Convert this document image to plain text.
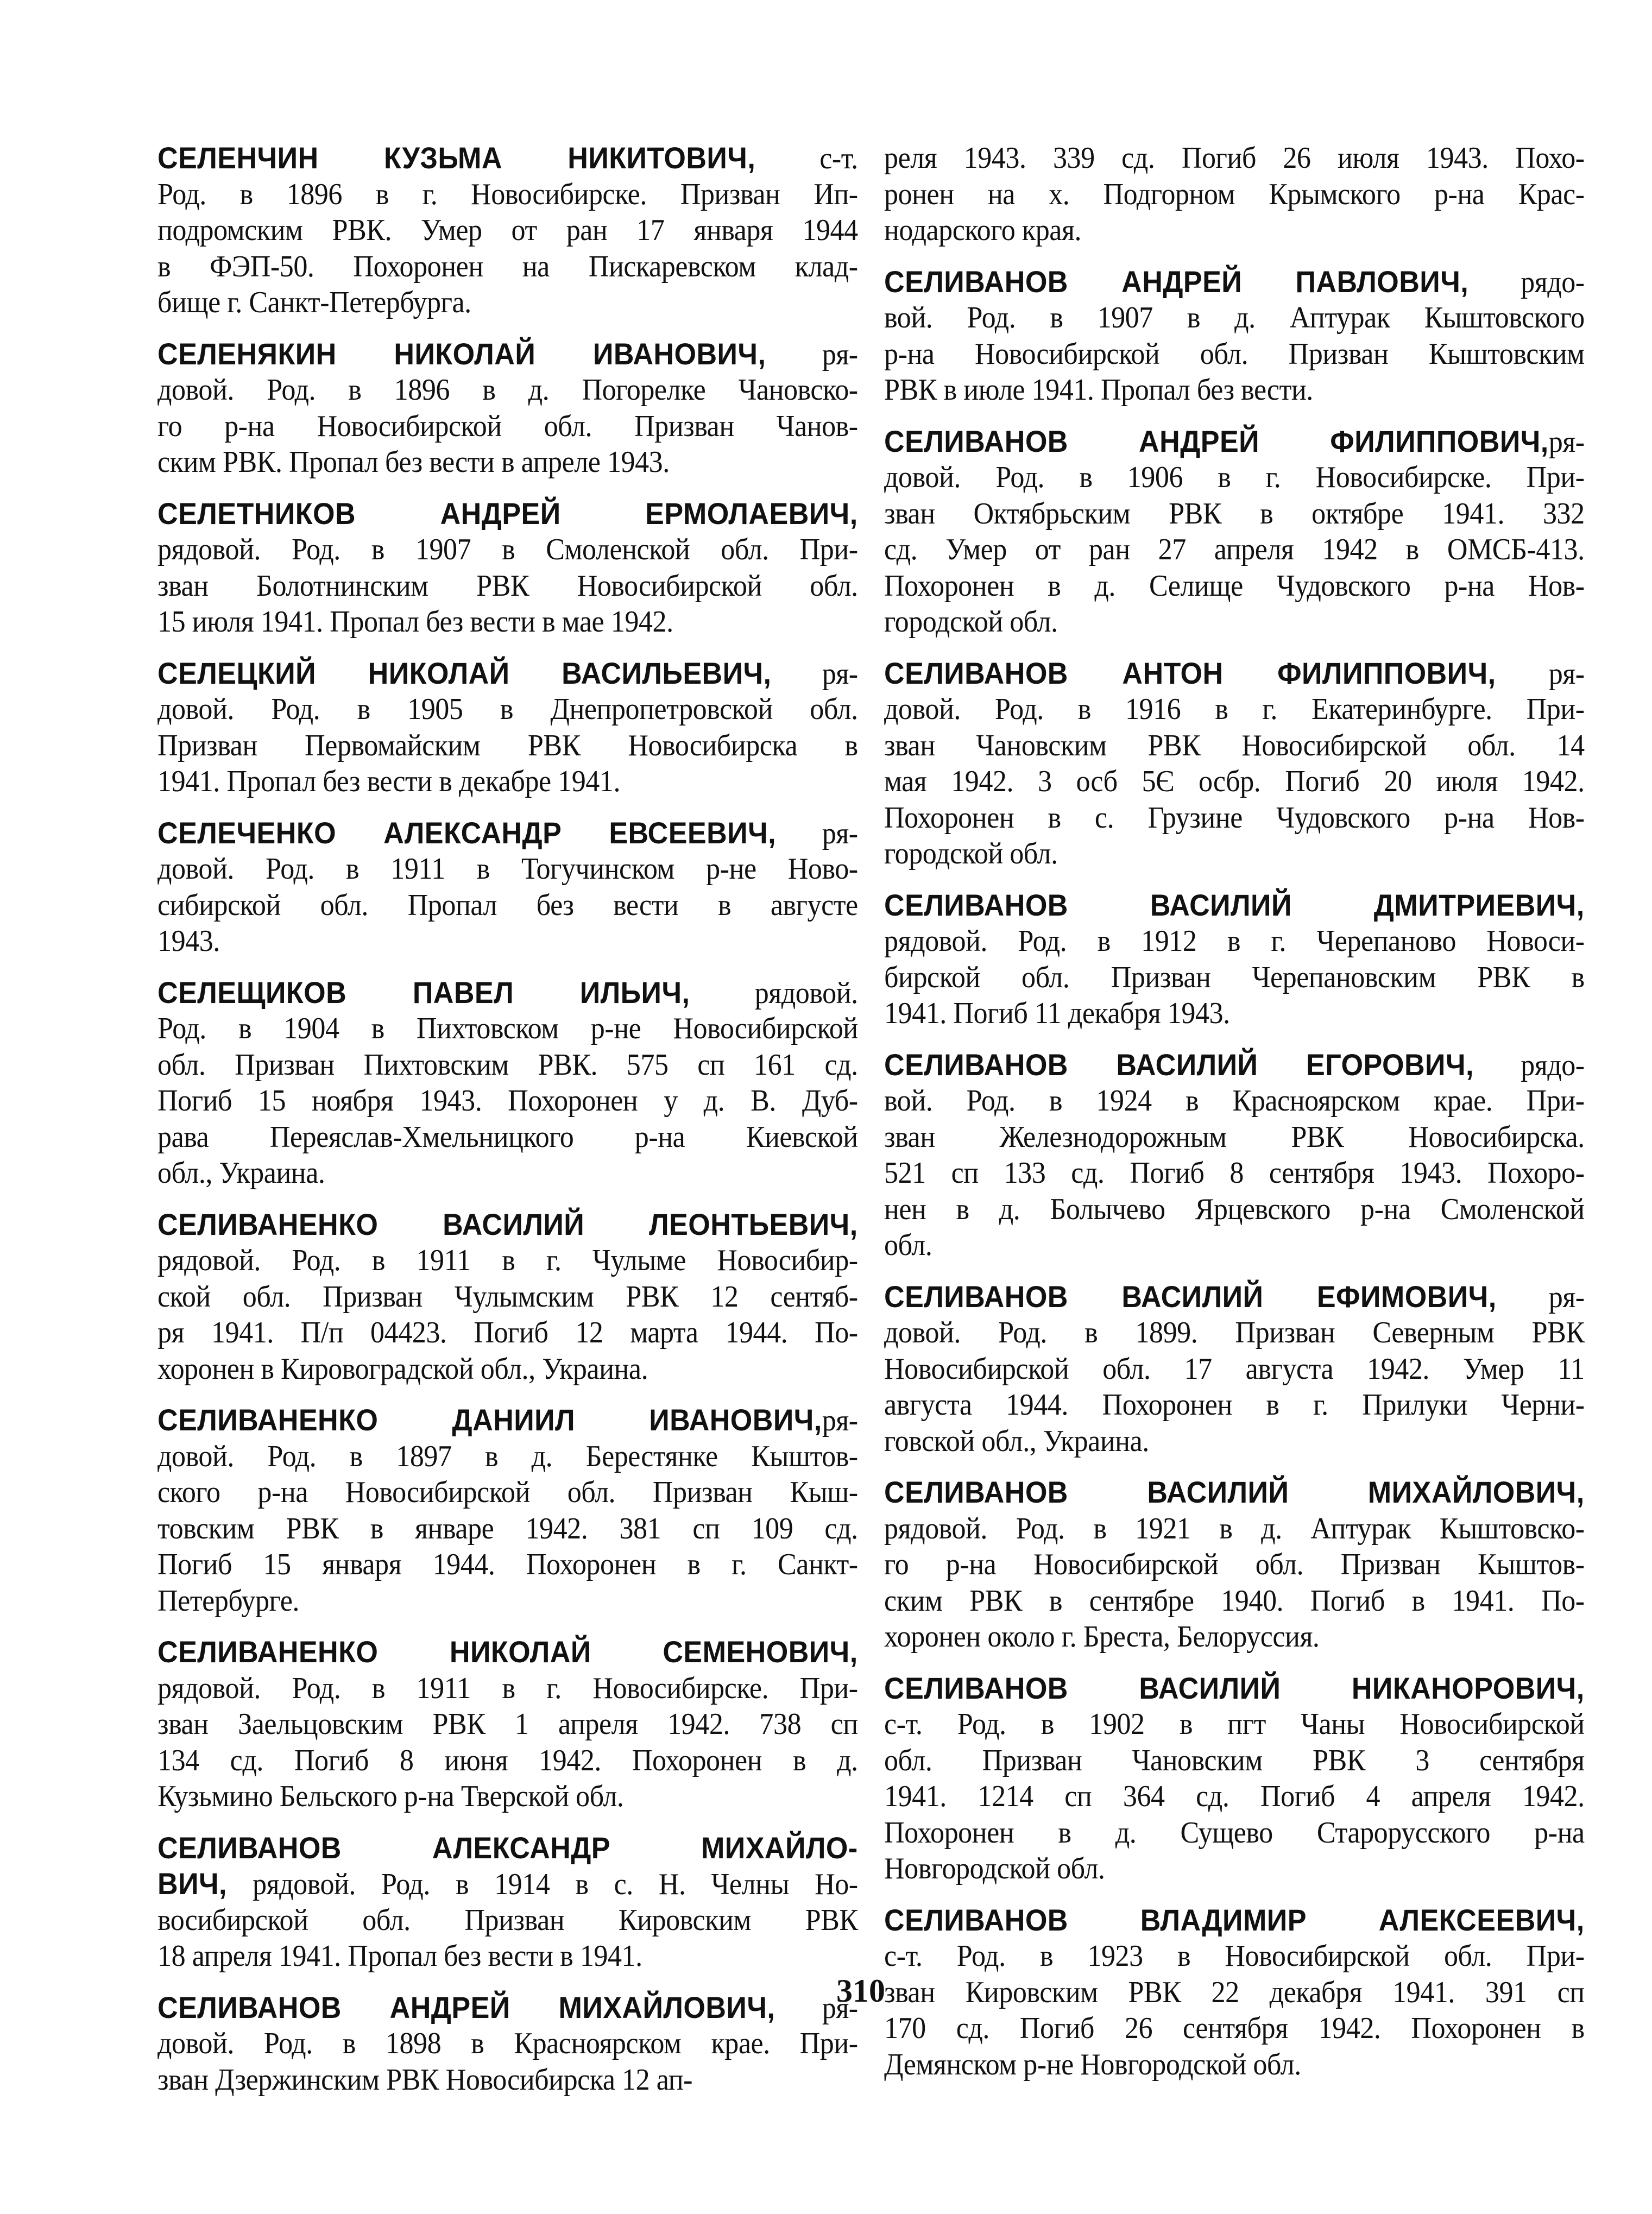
СЕЛЕНЧИН КУЗЬМА НИКИТОВИЧ, с-т.
Род. в 1896 в г. Новосибирске. Призван Ип-
подромским РВК. Умер от ран 17 января 1944
в ФЭП-50. Похоронен на Пискаревском клад-
бище г. Санкт-Петербурга.
СЕЛЕНЯКИН НИКОЛАЙ ИВАНОВИЧ, ря-
довой. Род. в 1896 в д. Погорелке Чановско-
го р-на Новосибирской обл. Призван Чанов-
ским РВК. Пропал без вести в апреле 1943.
СЕЛЕТНИКОВ АНДРЕЙ ЕРМОЛАЕВИЧ,
рядовой. Род. в 1907 в Смоленской обл. При-
зван Болотнинским РВК Новосибирской обл.
15 июля 1941. Пропал без вести в мае 1942.
СЕЛЕЦКИЙ НИКОЛАЙ ВАСИЛЬЕВИЧ, ря-
довой. Род. в 1905 в Днепропетровской обл.
Призван Первомайским РВК Новосибирска в
1941. Пропал без вести в декабре 1941.
СЕЛЕЧЕНКО АЛЕКСАНДР ЕВСЕЕВИЧ, ря-
довой. Род. в 1911 в Тогучинском р-не Ново-
сибирской обл. Пропал без вести в августе
1943.
СЕЛЕЩИКОВ ПАВЕЛ ИЛЬИЧ, рядовой.
Род. в 1904 в Пихтовском р-не Новосибирской
обл. Призван Пихтовским РВК. 575 сп 161 сд.
Погиб 15 ноября 1943. Похоронен у д. В. Дуб-
рава Переяслав-Хмельницкого р-на Киевской
обл., Украина.
СЕЛИВАНЕНКО ВАСИЛИЙ ЛЕОНТЬЕВИЧ,
рядовой. Род. в 1911 в г. Чулыме Новосибир-
ской обл. Призван Чулымским РВК 12 сентяб-
ря 1941. П/п 04423. Погиб 12 марта 1944. По-
хоронен в Кировоградской обл., Украина.
СЕЛИВАНЕНКО ДАНИИЛ ИВАНОВИЧ,ря-
довой. Род. в 1897 в д. Берестянке Кыштов-
ского р-на Новосибирской обл. Призван Кыш-
товским РВК в январе 1942. 381 сп 109 сд.
Погиб 15 января 1944. Похоронен в г. Санкт-
Петербурге.
СЕЛИВАНЕНКО НИКОЛАЙ СЕМЕНОВИЧ,
рядовой. Род. в 1911 в г. Новосибирске. При-
зван Заельцовским РВК 1 апреля 1942. 738 сп
134 сд. Погиб 8 июня 1942. Похоронен в д.
Кузьмино Бельского р-на Тверской обл.
СЕЛИВАНОВ АЛЕКСАНДР МИХАЙЛО-
ВИЧ, рядовой. Род. в 1914 в с. Н. Челны Но-
восибирской обл. Призван Кировским РВК
18 апреля 1941. Пропал без вести в 1941.
СЕЛИВАНОВ АНДРЕЙ МИХАЙЛОВИЧ, ря-
довой. Род. в 1898 в Красноярском крае. При-
зван Дзержинским РВК Новосибирска 12 ап-
реля 1943. 339 сд. Погиб 26 июля 1943. Похо-
ронен на х. Подгорном Крымского р-на Крас-
нодарского края.
СЕЛИВАНОВ АНДРЕЙ ПАВЛОВИЧ, рядо-
вой. Род. в 1907 в д. Аптурак Кыштовского
р-на Новосибирской обл. Призван Кыштовским
РВК в июле 1941. Пропал без вести.
СЕЛИВАНОВ АНДРЕЙ ФИЛИППОВИЧ,ря-
довой. Род. в 1906 в г. Новосибирске. При-
зван Октябрьским РВК в октябре 1941. 332
сд. Умер от ран 27 апреля 1942 в ОМСБ-413.
Похоронен в д. Селище Чудовского р-на Нов-
городской обл.
СЕЛИВАНОВ АНТОН ФИЛИППОВИЧ, ря-
довой. Род. в 1916 в г. Екатеринбурге. При-
зван Чановским РВК Новосибирской обл. 14
мая 1942. 3 осб 5Є осбр. Погиб 20 июля 1942.
Похоронен в с. Грузине Чудовского р-на Нов-
городской обл.
СЕЛИВАНОВ ВАСИЛИЙ ДМИТРИЕВИЧ,
рядовой. Род. в 1912 в г. Черепаново Новоси-
бирской обл. Призван Черепановским РВК в
1941. Погиб 11 декабря 1943.
СЕЛИВАНОВ ВАСИЛИЙ ЕГОРОВИЧ, рядо-
вой. Род. в 1924 в Красноярском крае. При-
зван Железнодорожным РВК Новосибирска.
521 сп 133 сд. Погиб 8 сентября 1943. Похоро-
нен в д. Болычево Ярцевского р-на Смоленской
обл.
СЕЛИВАНОВ ВАСИЛИЙ ЕФИМОВИЧ, ря-
довой. Род. в 1899. Призван Северным РВК
Новосибирской обл. 17 августа 1942. Умер 11
августа 1944. Похоронен в г. Прилуки Черни-
говской обл., Украина.
СЕЛИВАНОВ ВАСИЛИЙ МИХАЙЛОВИЧ,
рядовой. Род. в 1921 в д. Аптурак Кыштовско-
го р-на Новосибирской обл. Призван Кыштов-
ским РВК в сентябре 1940. Погиб в 1941. По-
хоронен около г. Бреста, Белоруссия.
СЕЛИВАНОВ ВАСИЛИЙ НИКАНОРОВИЧ,
с-т. Род. в 1902 в пгт Чаны Новосибирской
обл. Призван Чановским РВК 3 сентября
1941. 1214 сп 364 сд. Погиб 4 апреля 1942.
Похоронен в д. Сущево Старорусского р-на
Новгородской обл.
СЕЛИВАНОВ ВЛАДИМИР АЛЕКСЕЕВИЧ,
с-т. Род. в 1923 в Новосибирской обл. При-
зван Кировским РВК 22 декабря 1941. 391 сп
170 сд. Погиб 26 сентября 1942. Похоронен в
Демянском р-не Новгородской обл.
310
